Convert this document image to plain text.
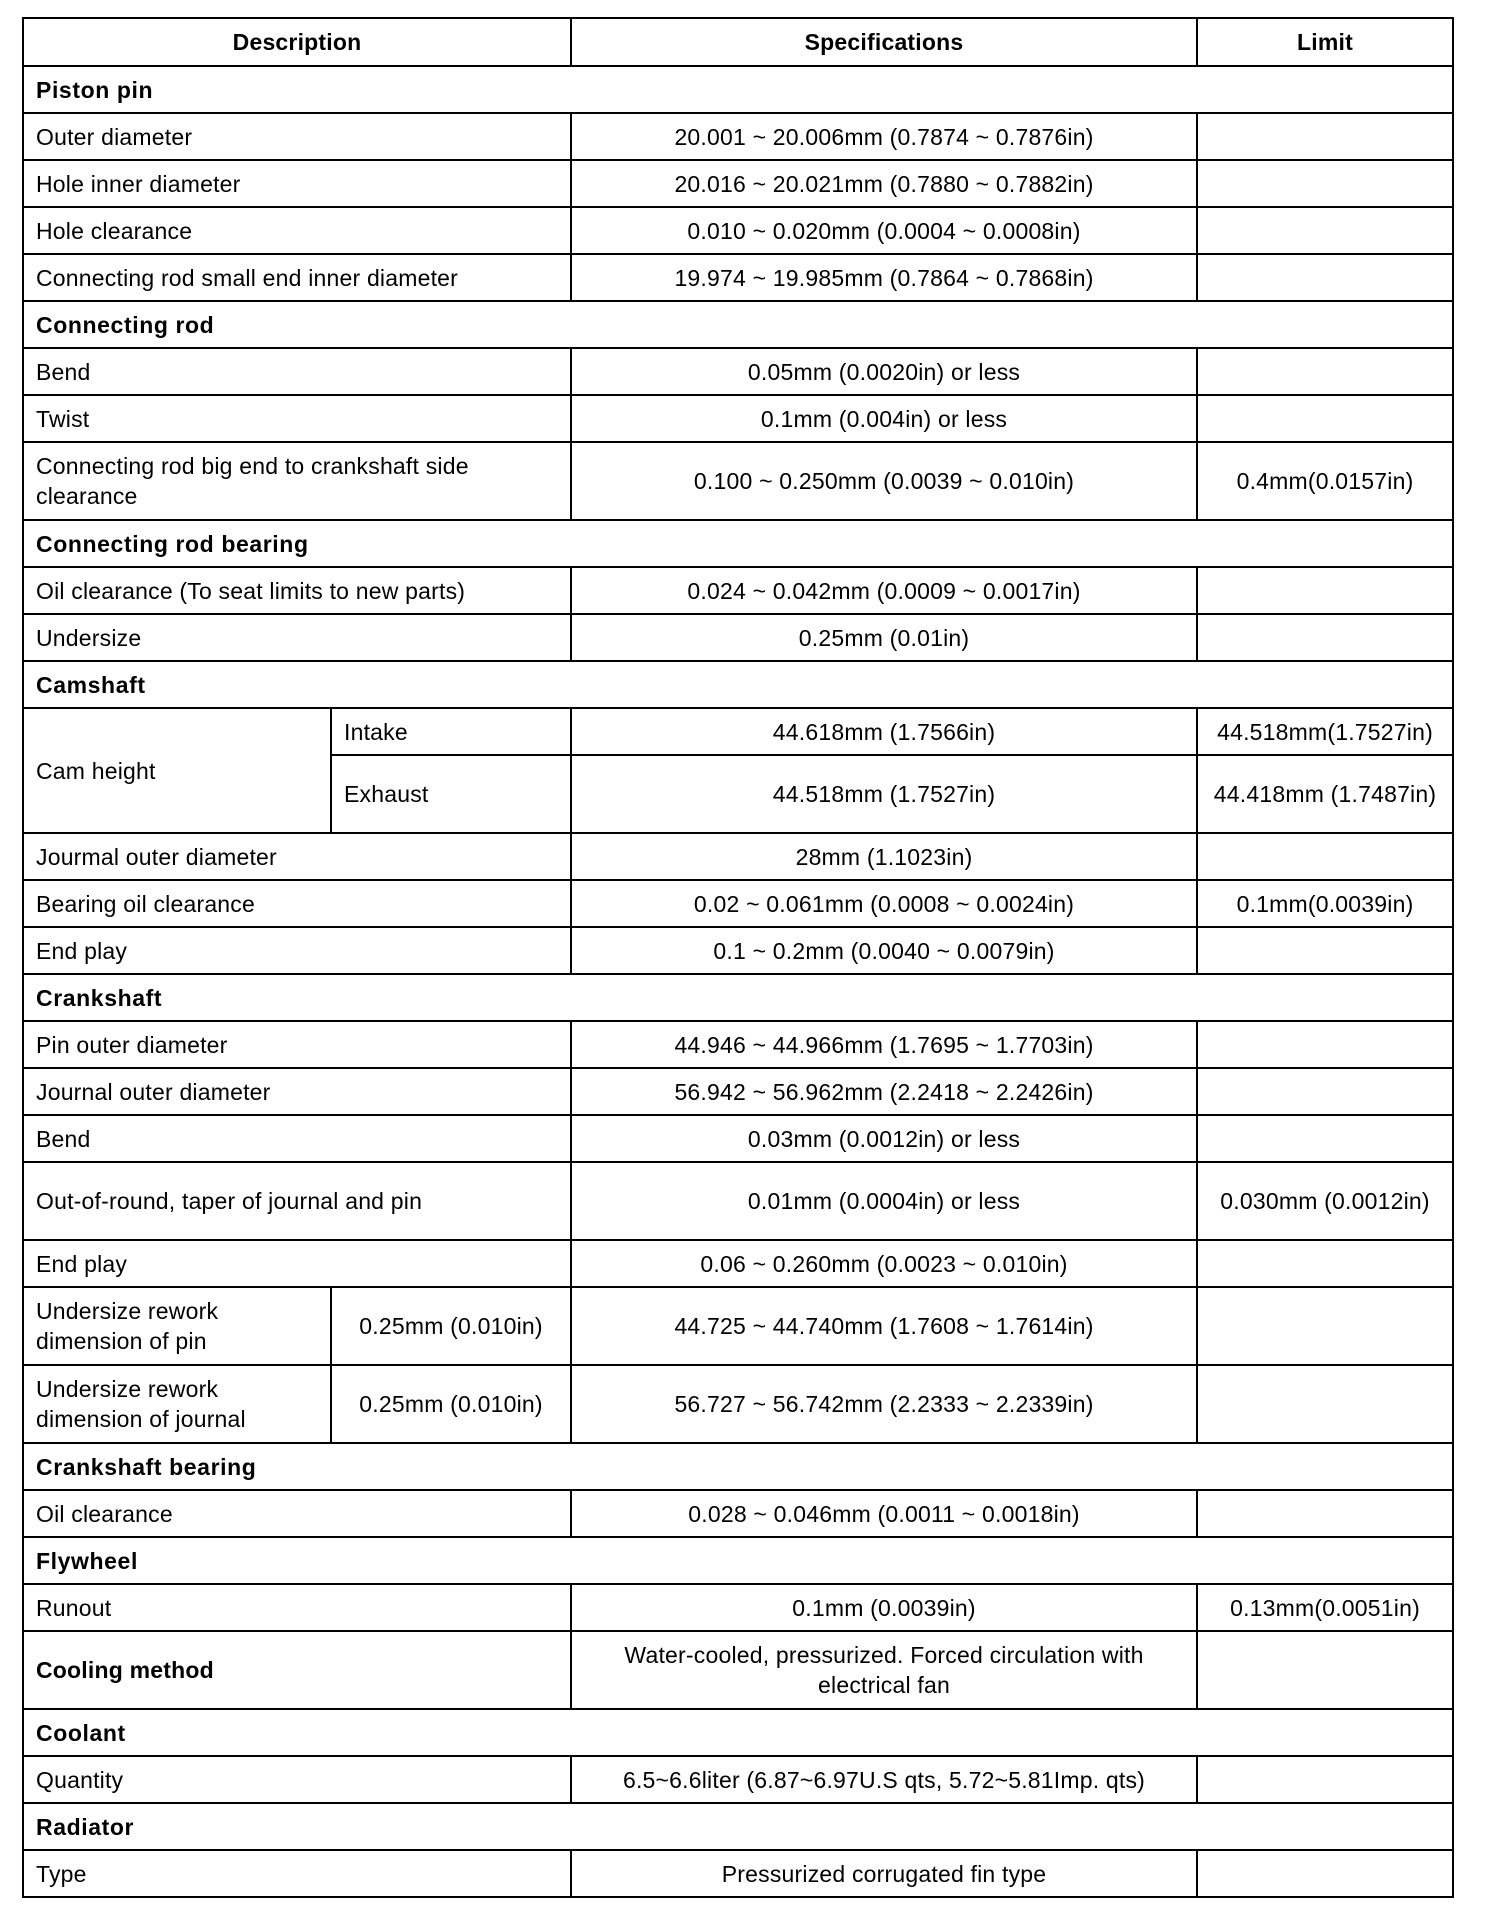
Description		Specifications	Limit
Piston pin			
Outer diameter		20.001 ~ 20.006mm (0.7874 ~ 0.7876in)	
Hole inner diameter		20.016 ~ 20.021mm (0.7880 ~ 0.7882in)	
Hole clearance		0.010 ~ 0.020mm (0.0004 ~ 0.0008in)	
Connecting rod small end inner diameter		19.974 ~ 19.985mm (0.7864 ~ 0.7868in)	
Connecting rod			
Bend		0.05mm (0.0020in) or less	
Twist		0.1mm (0.004in) or less	
Connecting rod big end to crankshaft side clearance		0.100 ~ 0.250mm (0.0039 ~ 0.010in)	0.4mm(0.0157in)
Connecting rod bearing			
Oil clearance (To seat limits to new parts)		0.024 ~ 0.042mm (0.0009 ~ 0.0017in)	
Undersize		0.25mm (0.01in)	
Camshaft			
Cam height	Intake	44.618mm (1.7566in)	44.518mm(1.7527in)
	Exhaust	44.518mm (1.7527in)	44.418mm (1.7487in)
Jourmal outer diameter		28mm (1.1023in)	
Bearing oil clearance		0.02 ~ 0.061mm (0.0008 ~ 0.0024in)	0.1mm(0.0039in)
End play		0.1 ~ 0.2mm (0.0040 ~ 0.0079in)	
Crankshaft			
Pin outer diameter		44.946 ~ 44.966mm (1.7695 ~ 1.7703in)	
Journal outer diameter		56.942 ~ 56.962mm (2.2418 ~ 2.2426in)	
Bend		0.03mm (0.0012in) or less	
Out-of-round, taper of journal and pin		0.01mm (0.0004in) or less	0.030mm (0.0012in)
End play		0.06 ~ 0.260mm (0.0023 ~ 0.010in)	
Undersize rework dimension of pin	0.25mm (0.010in)	44.725 ~ 44.740mm (1.7608 ~ 1.7614in)	
Undersize rework dimension of journal	0.25mm (0.010in)	56.727 ~ 56.742mm (2.2333 ~ 2.2339in)	
Crankshaft bearing			
Oil clearance		0.028 ~ 0.046mm (0.0011 ~ 0.0018in)	
Flywheel			
Runout		0.1mm (0.0039in)	0.13mm(0.0051in)
Cooling method		Water-cooled, pressurized. Forced circulation with electrical fan	
Coolant			
Quantity		6.5~6.6liter (6.87~6.97U.S qts, 5.72~5.81Imp. qts)	
Radiator			
Type		Pressurized corrugated fin type	
